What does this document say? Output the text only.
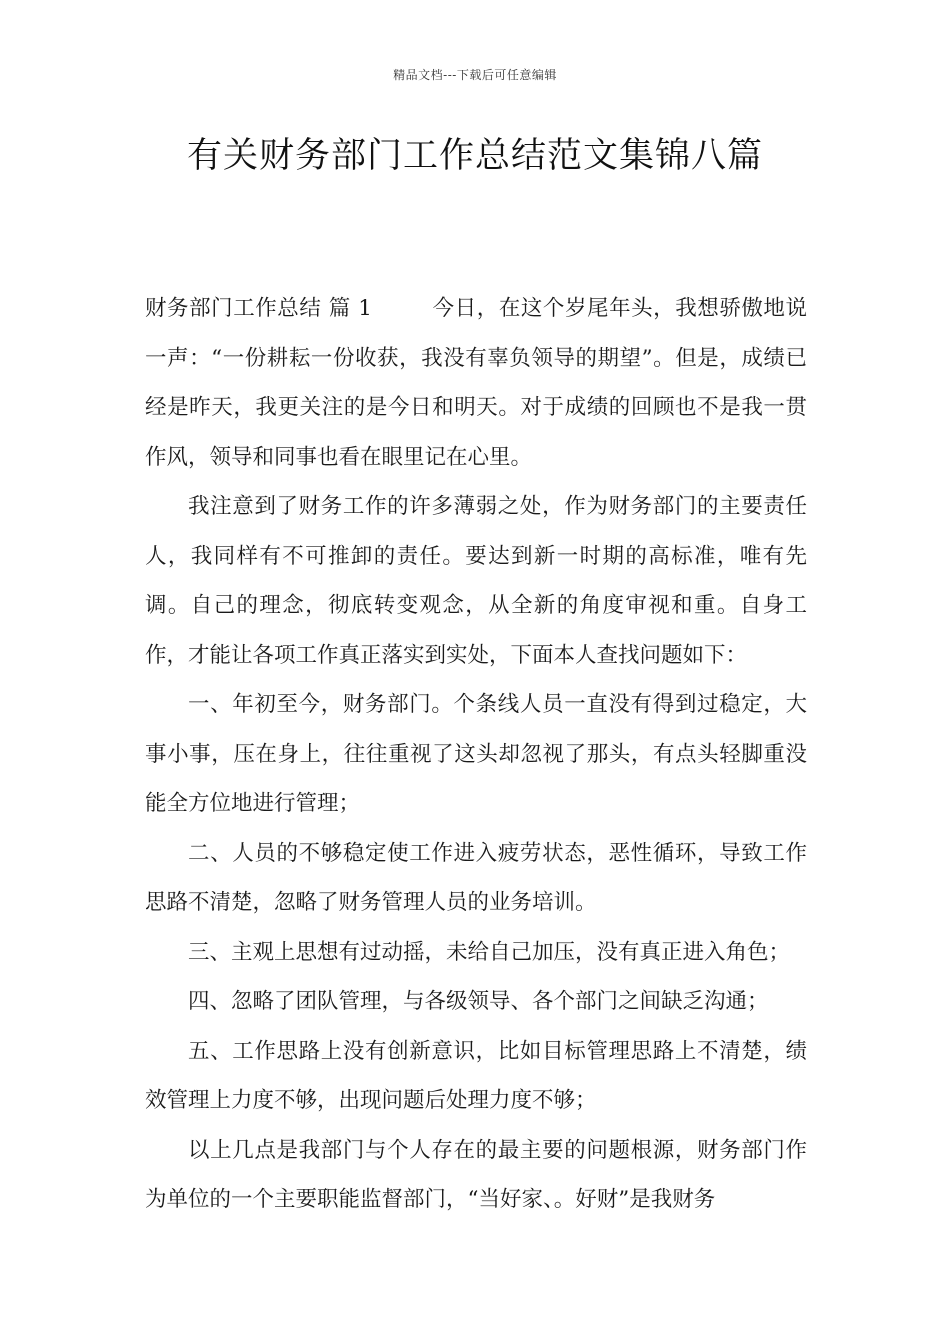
精品文档---下载后可任意编辑
有关财务部门工作总结范文集锦八篇

财务部门工作总结 篇 1	今日，在这个岁尾年头，我想骄傲地说一声：“一份耕耘一份收获，我没有辜负领导的期望”。但是，成绩已经是昨天，我更关注的是今日和明天。对于成绩的回顾也不是我一贯作风，领导和同事也看在眼里记在心里。

我注意到了财务工作的许多薄弱之处，作为财务部门的主要责任人，我同样有不可推卸的责任。要达到新一时期的高标准，唯有先调。自己的理念，彻底转变观念，从全新的角度审视和重。自身工作，才能让各项工作真正落实到实处，下面本人查找问题如下：

一、年初至今，财务部门。个条线人员一直没有得到过稳定，大事小事，压在身上，往往重视了这头却忽视了那头，有点头轻脚重没能全方位地进行管理；

二、人员的不够稳定使工作进入疲劳状态，恶性循环，导致工作思路不清楚，忽略了财务管理人员的业务培训。

三、主观上思想有过动摇，未给自己加压，没有真正进入角色；

四、忽略了团队管理，与各级领导、各个部门之间缺乏沟通；

五、工作思路上没有创新意识，比如目标管理思路上不清楚，绩效管理上力度不够，出现问题后处理力度不够；

以上几点是我部门与个人存在的最主要的问题根源，财务部门作为单位的一个主要职能监督部门，“当好家、。好财”是我财务
